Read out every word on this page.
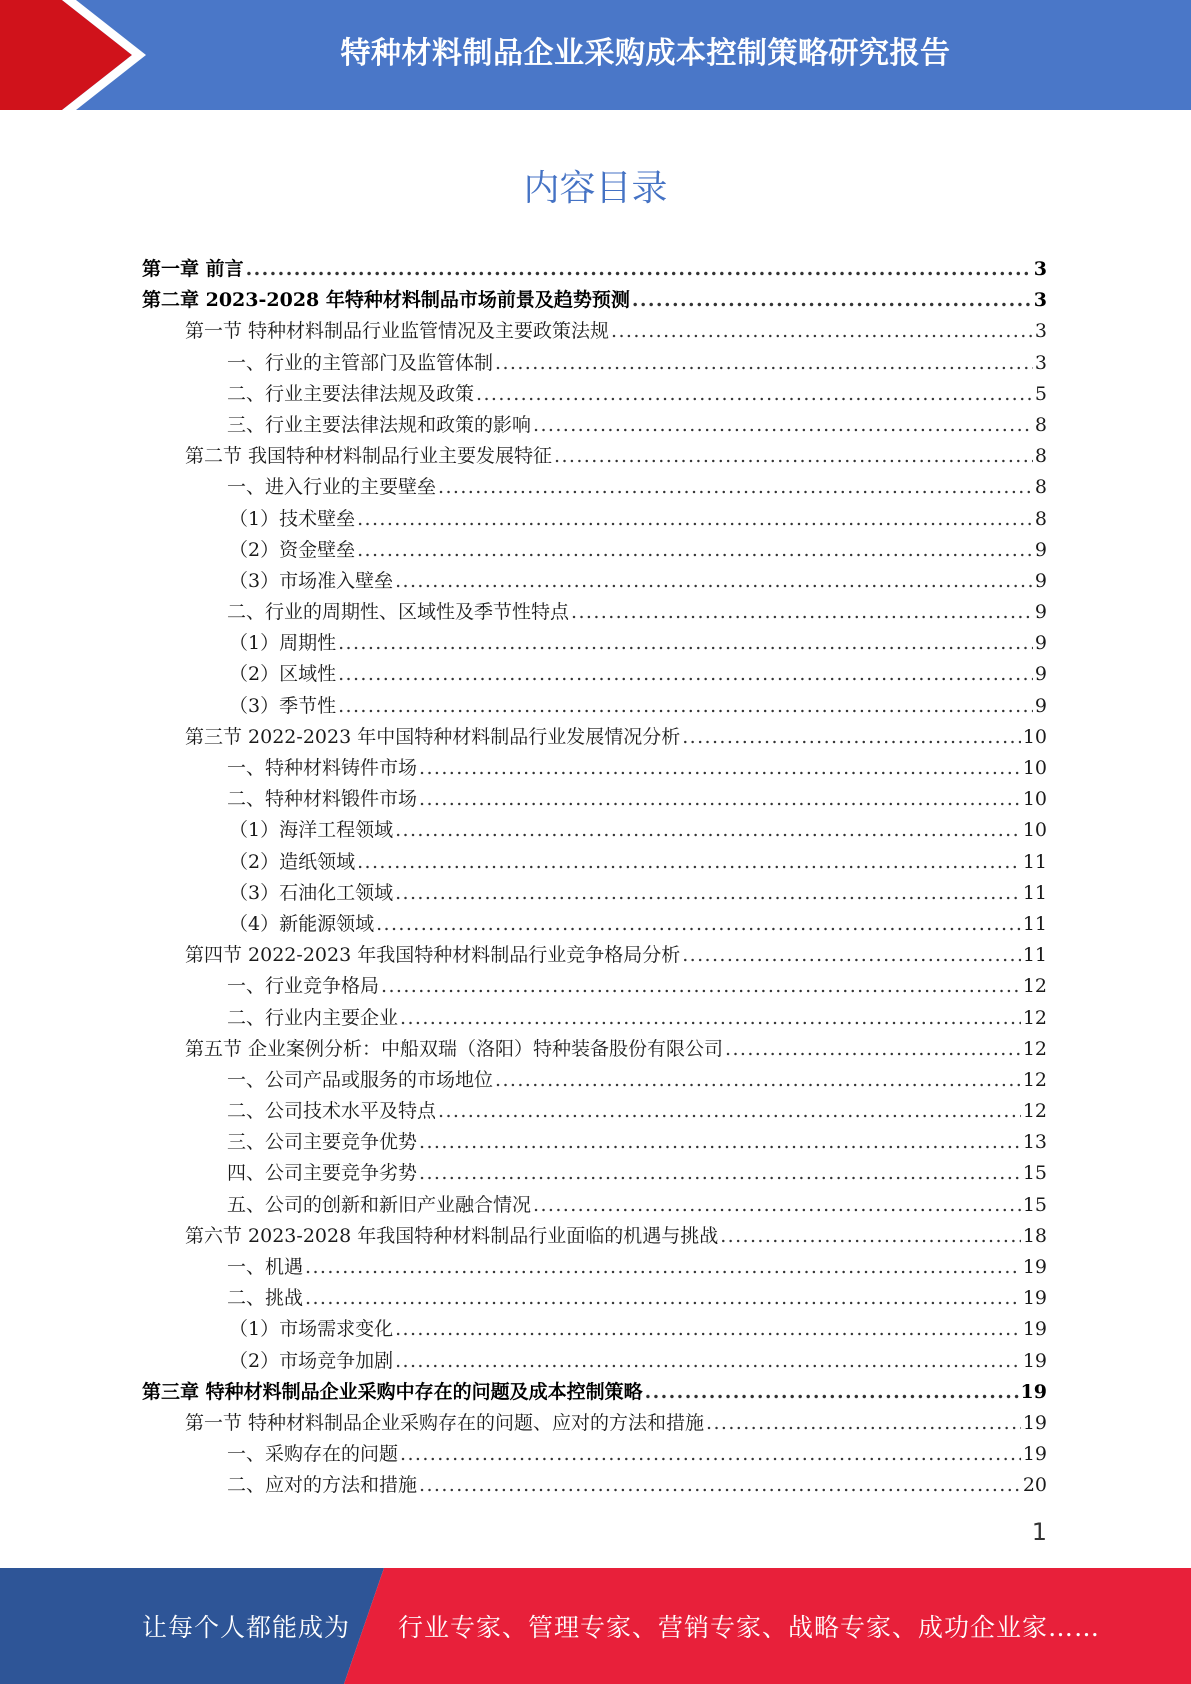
特种材料制品企业采购成本控制策略研究报告
内容目录
第一章 前言 .....	3
第二章 2023-2028 年特种材料制品市场前景及趋势预测 .....	3
第一节 特种材料制品行业监管情况及主要政策法规 .....	3
一、行业的主管部门及监管体制 .....	3
二、行业主要法律法规及政策 .....	5
三、行业主要法律法规和政策的影响 .....	8
第二节 我国特种材料制品行业主要发展特征 .....	8
一、进入行业的主要壁垒 .....	8
（1）技术壁垒 .....	8
（2）资金壁垒 .....	9
（3）市场准入壁垒 .....	9
二、行业的周期性、区域性及季节性特点 .....	9
（1）周期性 .....	9
（2）区域性 .....	9
（3）季节性 .....	9
第三节 2022-2023 年中国特种材料制品行业发展情况分析 .....	10
一、特种材料铸件市场 .....	10
二、特种材料锻件市场 .....	10
（1）海洋工程领域 .....	10
（2）造纸领域 .....	11
（3）石油化工领域 .....	11
（4）新能源领域 .....	11
第四节 2022-2023 年我国特种材料制品行业竞争格局分析 .....	11
一、行业竞争格局 .....	12
二、行业内主要企业 .....	12
第五节 企业案例分析：中船双瑞（洛阳）特种装备股份有限公司 .....	12
一、公司产品或服务的市场地位 .....	12
二、公司技术水平及特点 .....	12
三、公司主要竞争优势 .....	13
四、公司主要竞争劣势 .....	15
五、公司的创新和新旧产业融合情况 .....	15
第六节 2023-2028 年我国特种材料制品行业面临的机遇与挑战 .....	18
一、机遇 .....	19
二、挑战 .....	19
（1）市场需求变化 .....	19
（2）市场竞争加剧 .....	19
第三章 特种材料制品企业采购中存在的问题及成本控制策略 .....	19
第一节 特种材料制品企业采购存在的问题、应对的方法和措施 .....	19
一、采购存在的问题 .....	19
二、应对的方法和措施 .....	20
1
让每个人都能成为 行业专家、管理专家、营销专家、战略专家、成功企业家……
